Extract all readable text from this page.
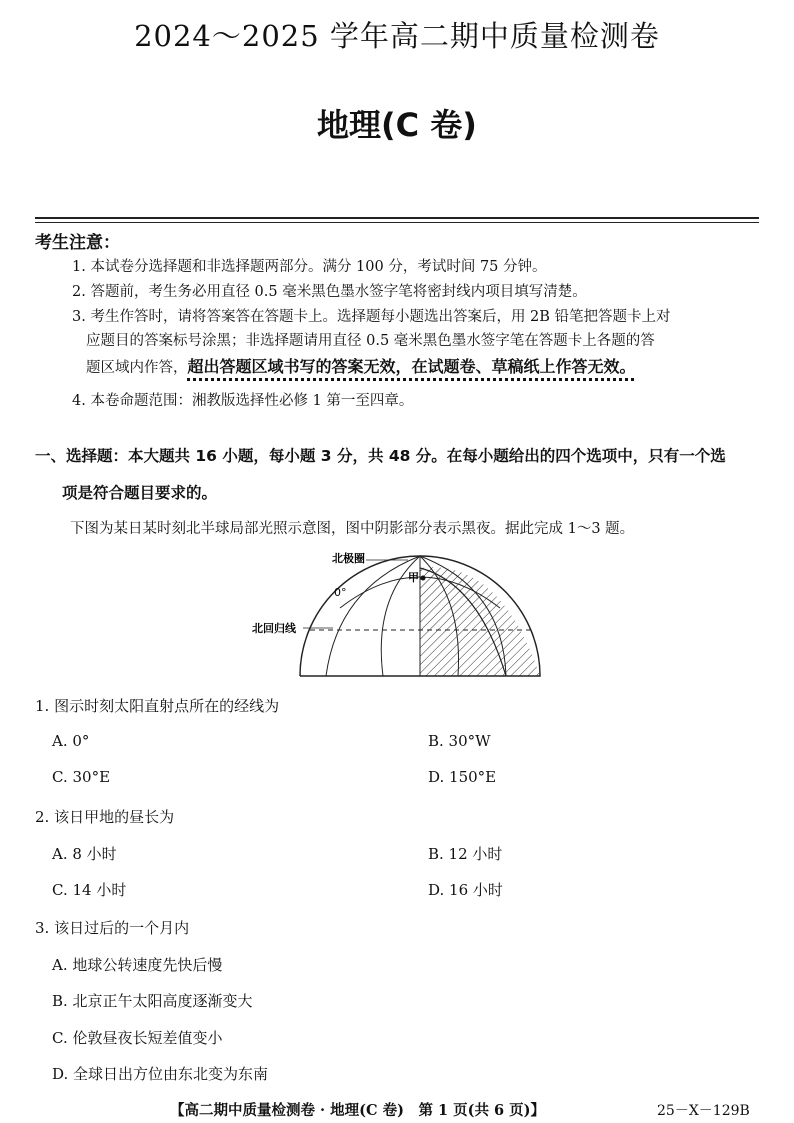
2024～2025 学年高二期中质量检测卷
地理(C 卷)
考生注意：
1. 本试卷分选择题和非选择题两部分。满分 100 分，考试时间 75 分钟。
2. 答题前，考生务必用直径 0.5 毫米黑色墨水签字笔将密封线内项目填写清楚。
3. 考生作答时，请将答案答在答题卡上。选择题每小题选出答案后，用 2B 铅笔把答题卡上对
应题目的答案标号涂黑；非选择题请用直径 0.5 毫米黑色墨水签字笔在答题卡上各题的答
题区域内作答，超出答题区域书写的答案无效，在试题卷、草稿纸上作答无效。
4. 本卷命题范围：湘教版选择性必修 1 第一至四章。
一、选择题：本大题共 16 小题，每小题 3 分，共 48 分。在每小题给出的四个选项中，只有一个选
项是符合题目要求的。
下图为某日某时刻北半球局部光照示意图，图中阴影部分表示黑夜。据此完成 1～3 题。
北极圈
甲
0°
北回归线
1. 图示时刻太阳直射点所在的经线为
A. 0°	B. 30°W
C. 30°E	D. 150°E
2. 该日甲地的昼长为
A. 8 小时	B. 12 小时
C. 14 小时	D. 16 小时
3. 该日过后的一个月内
A. 地球公转速度先快后慢
B. 北京正午太阳高度逐渐变大
C. 伦敦昼夜长短差值变小
D. 全球日出方位由东北变为东南
【高二期中质量检测卷 · 地理(C 卷)　第 1 页(共 6 页)】	25－X－129B
